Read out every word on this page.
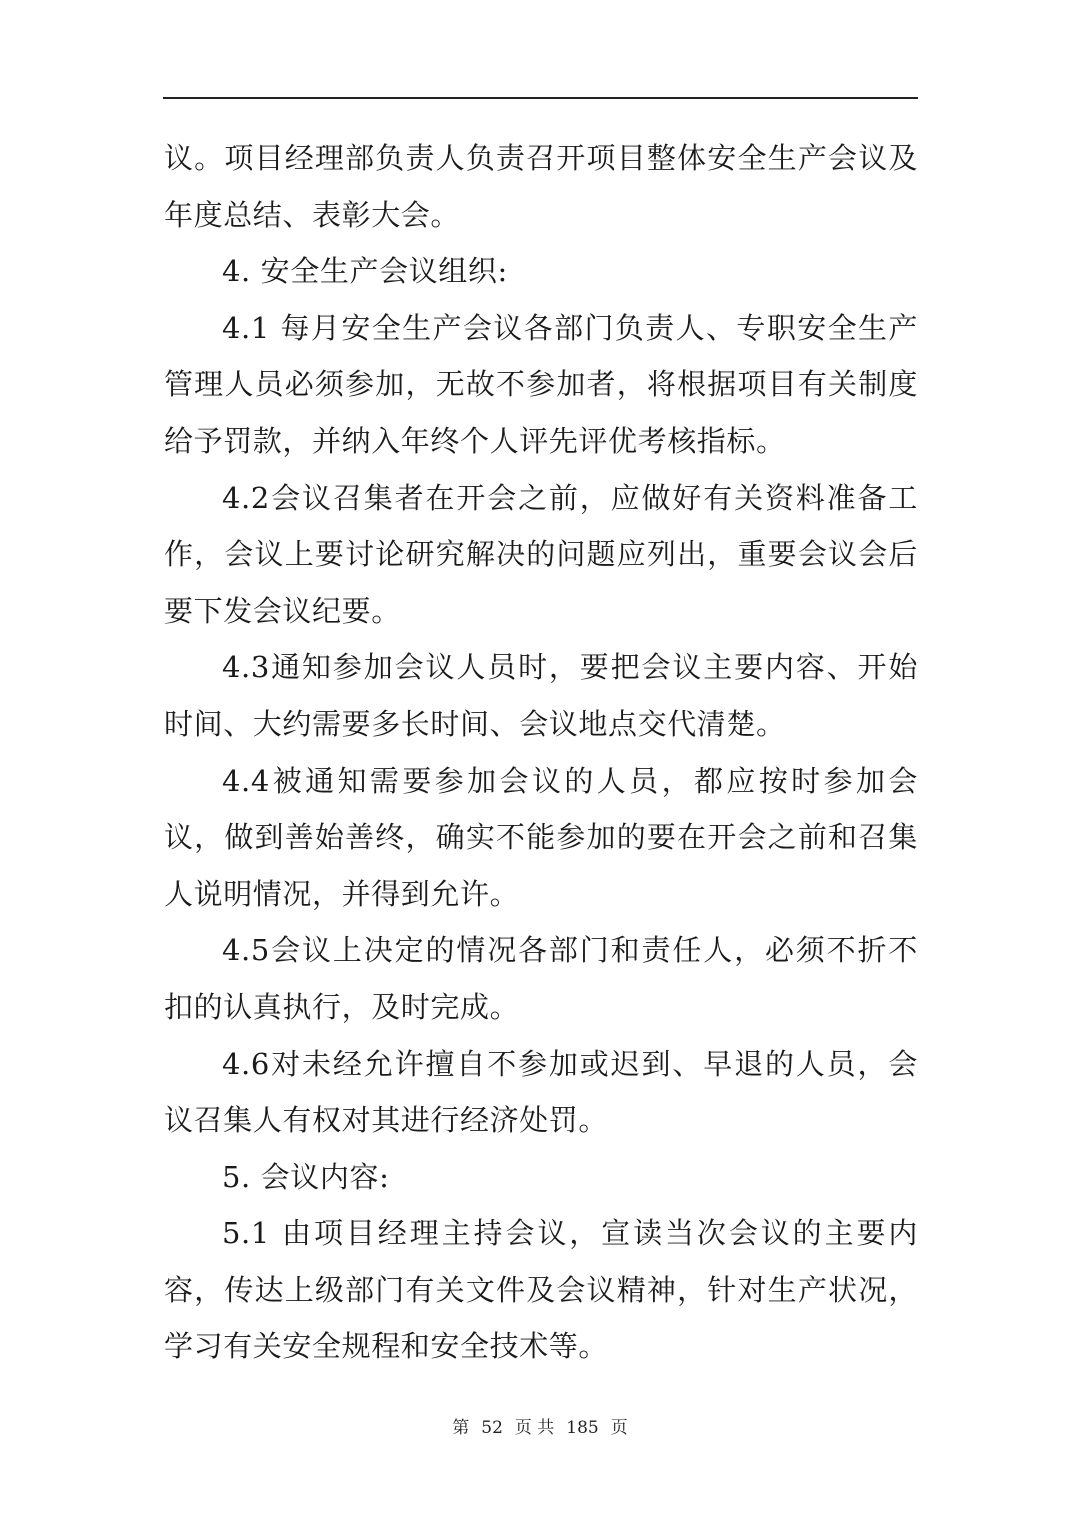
议。项目经理部负责人负责召开项目整体安全生产会议及年度总结、表彰大会。

4. 安全生产会议组织:

4.1 每月安全生产会议各部门负责人、专职安全生产管理人员必须参加，无故不参加者，将根据项目有关制度给予罚款，并纳入年终个人评先评优考核指标。

4.2会议召集者在开会之前，应做好有关资料准备工作，会议上要讨论研究解决的问题应列出，重要会议会后要下发会议纪要。

4.3通知参加会议人员时，要把会议主要内容、开始时间、大约需要多长时间、会议地点交代清楚。

4.4被通知需要参加会议的人员，都应按时参加会议，做到善始善终，确实不能参加的要在开会之前和召集人说明情况，并得到允许。

4.5会议上决定的情况各部门和责任人，必须不折不扣的认真执行，及时完成。

4.6对未经允许擅自不参加或迟到、早退的人员，会议召集人有权对其进行经济处罚。

5. 会议内容:

5.1 由项目经理主持会议，宣读当次会议的主要内容，传达上级部门有关文件及会议精神，针对生产状况，学习有关安全规程和安全技术等。

第 52 页 共 185 页
